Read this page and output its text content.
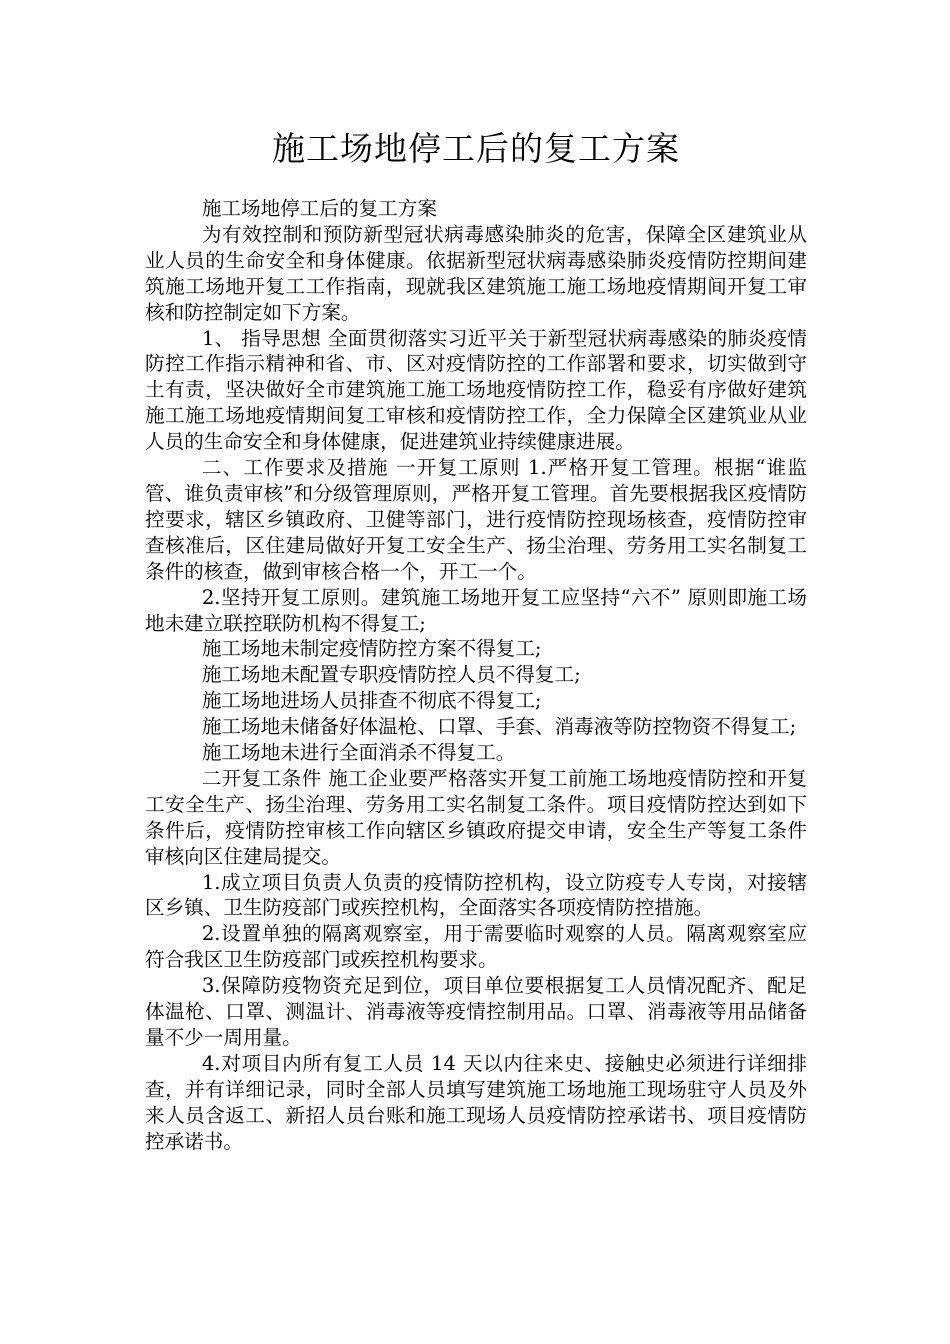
施工场地停工后的复工方案

施工场地停工后的复工方案

为有效控制和预防新型冠状病毒感染肺炎的危害，保障全区建筑业从业人员的生命安全和身体健康。依据新型冠状病毒感染肺炎疫情防控期间建筑施工场地开复工工作指南，现就我区建筑施工施工场地疫情期间开复工审核和防控制定如下方案。

1、 指导思想 全面贯彻落实习近平关于新型冠状病毒感染的肺炎疫情防控工作指示精神和省、市、区对疫情防控的工作部署和要求，切实做到守土有责，坚决做好全市建筑施工施工场地疫情防控工作，稳妥有序做好建筑施工施工场地疫情期间复工审核和疫情防控工作，全力保障全区建筑业从业人员的生命安全和身体健康，促进建筑业持续健康进展。

二、工作要求及措施 一开复工原则 1.严格开复工管理。根据“谁监管、谁负责审核”和分级管理原则，严格开复工管理。首先要根据我区疫情防控要求，辖区乡镇政府、卫健等部门，进行疫情防控现场核查，疫情防控审查核准后，区住建局做好开复工安全生产、扬尘治理、劳务用工实名制复工条件的核查，做到审核合格一个，开工一个。

2.坚持开复工原则。建筑施工场地开复工应坚持“六不” 原则即施工场地未建立联控联防机构不得复工;

施工场地未制定疫情防控方案不得复工;

施工场地未配置专职疫情防控人员不得复工;

施工场地进场人员排查不彻底不得复工;

施工场地未储备好体温枪、口罩、手套、消毒液等防控物资不得复工;

施工场地未进行全面消杀不得复工。

二开复工条件 施工企业要严格落实开复工前施工场地疫情防控和开复工安全生产、扬尘治理、劳务用工实名制复工条件。项目疫情防控达到如下条件后，疫情防控审核工作向辖区乡镇政府提交申请，安全生产等复工条件审核向区住建局提交。

1.成立项目负责人负责的疫情防控机构，设立防疫专人专岗，对接辖区乡镇、卫生防疫部门或疾控机构，全面落实各项疫情防控措施。

2.设置单独的隔离观察室，用于需要临时观察的人员。隔离观察室应符合我区卫生防疫部门或疾控机构要求。

3.保障防疫物资充足到位，项目单位要根据复工人员情况配齐、配足体温枪、口罩、测温计、消毒液等疫情控制用品。口罩、消毒液等用品储备量不少一周用量。

4.对项目内所有复工人员 14 天以内往来史、接触史必须进行详细排查，并有详细记录，同时全部人员填写建筑施工场地施工现场驻守人员及外来人员含返工、新招人员台账和施工现场人员疫情防控承诺书、项目疫情防控承诺书。
